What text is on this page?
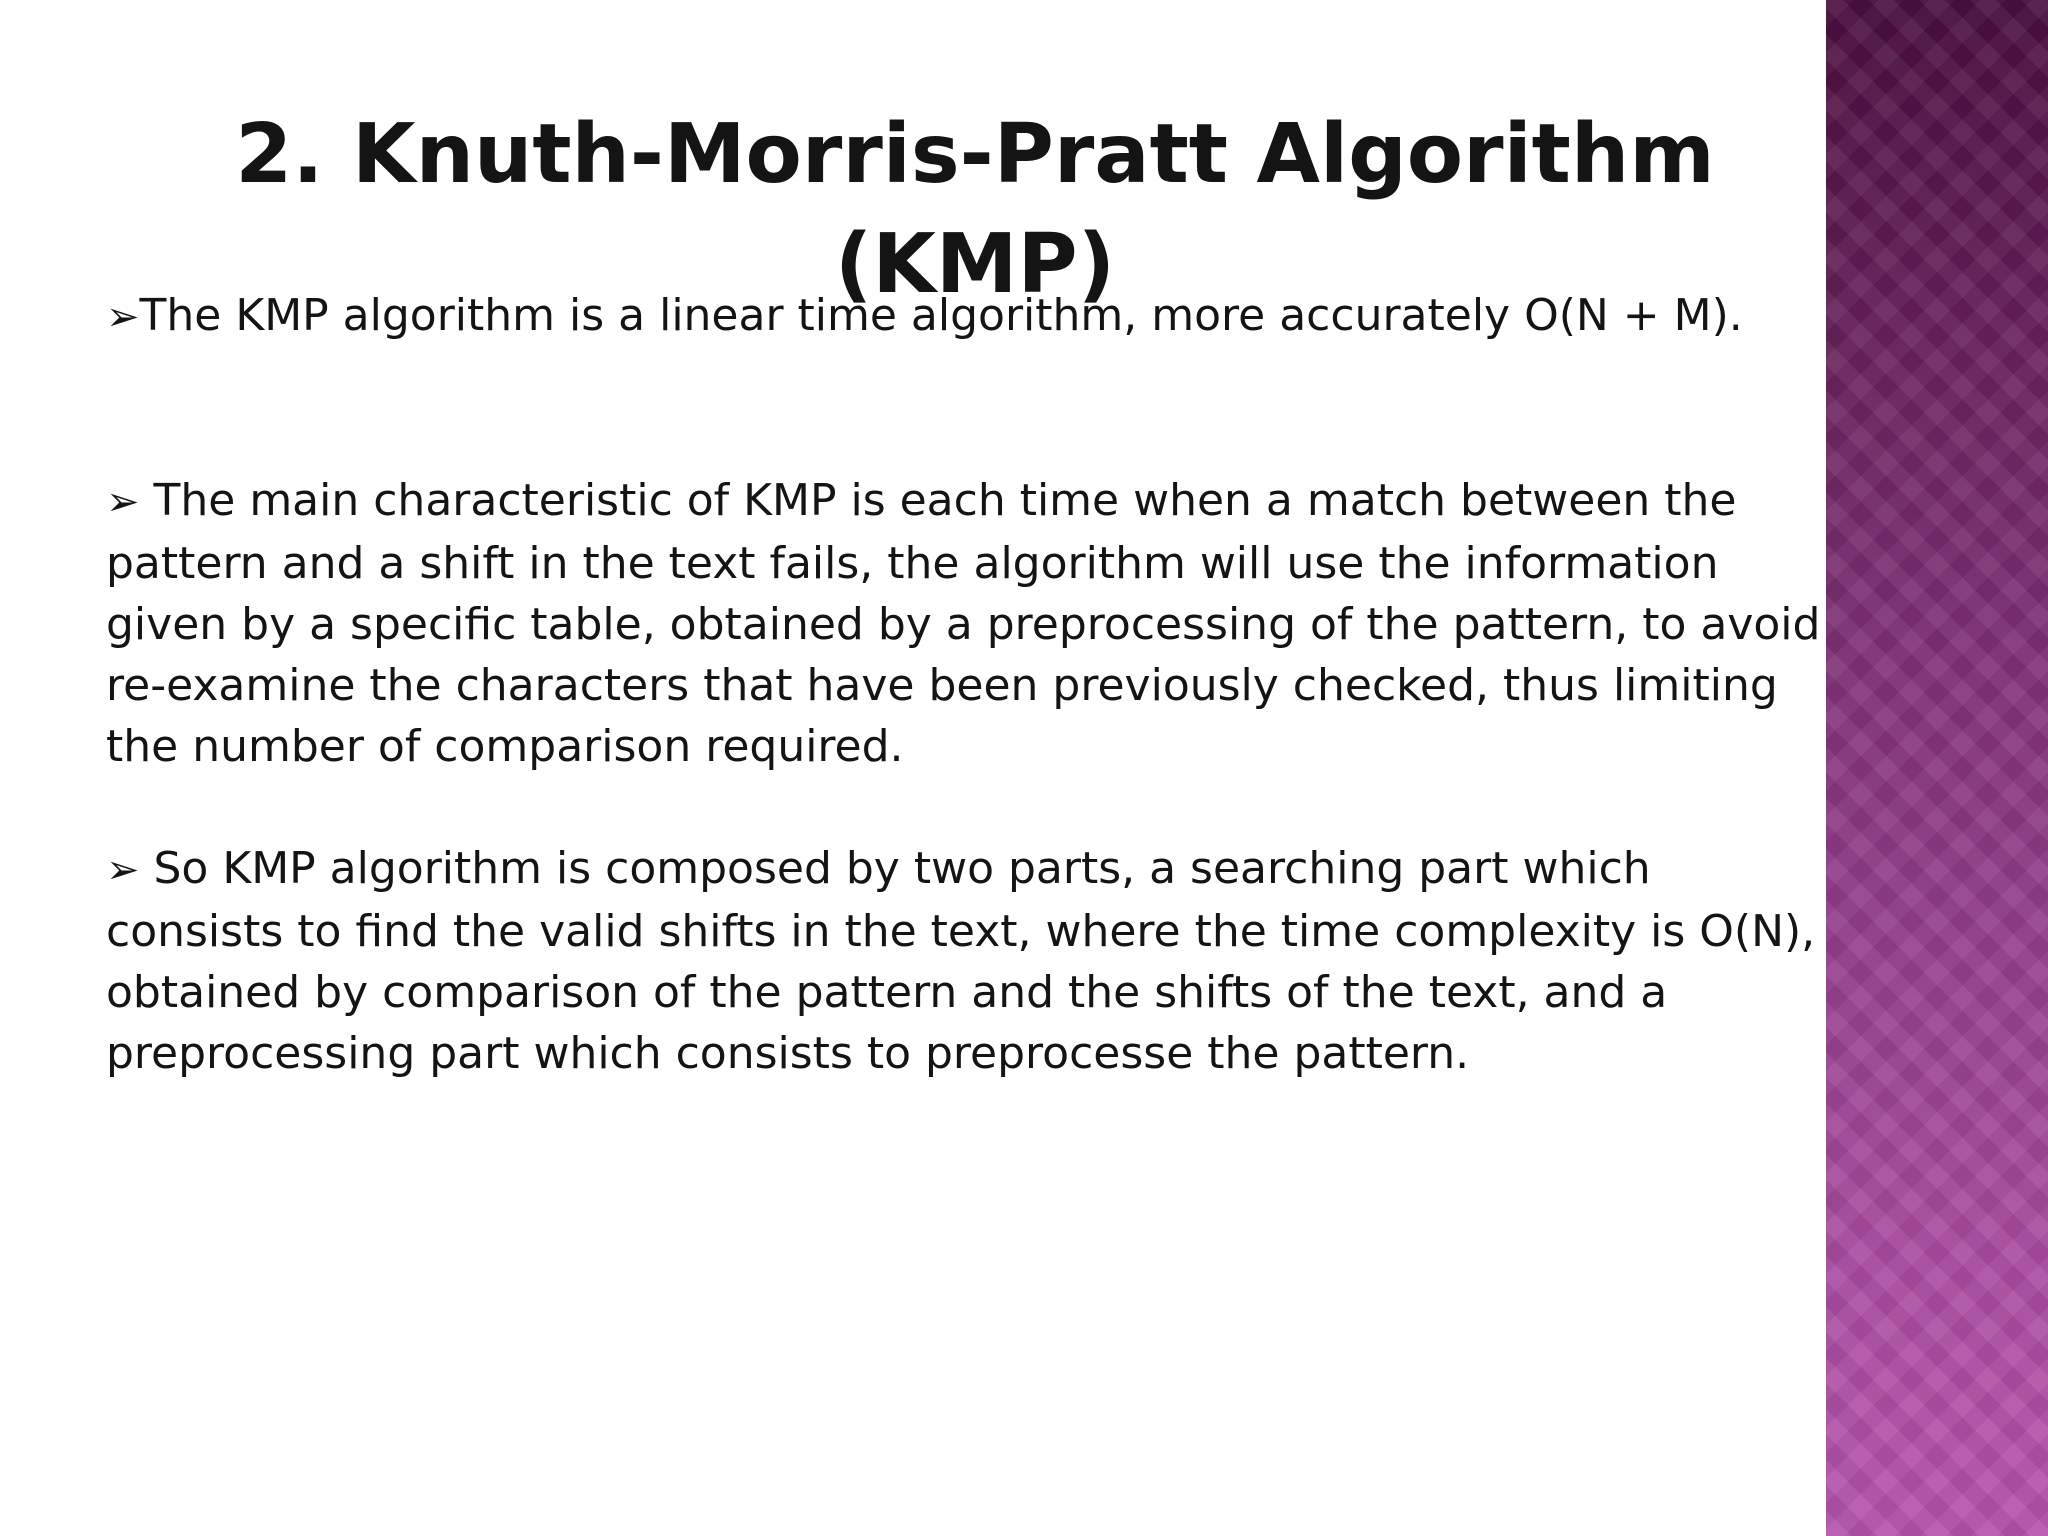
2. Knuth-Morris-Pratt Algorithm (KMP)

➢The KMP algorithm is a linear time algorithm, more accurately O(N + M).

➢ The main characteristic of KMP is each time when a match between the pattern and a shift in the text fails, the algorithm will use the information given by a specific table, obtained by a preprocessing of the pattern, to avoid re-examine the characters that have been previously checked, thus limiting the number of comparison required.

➢ So KMP algorithm is composed by two parts, a searching part which consists to find the valid shifts in the text, where the time complexity is O(N), obtained by comparison of the pattern and the shifts of the text, and a preprocessing part which consists to preprocesse the pattern.
